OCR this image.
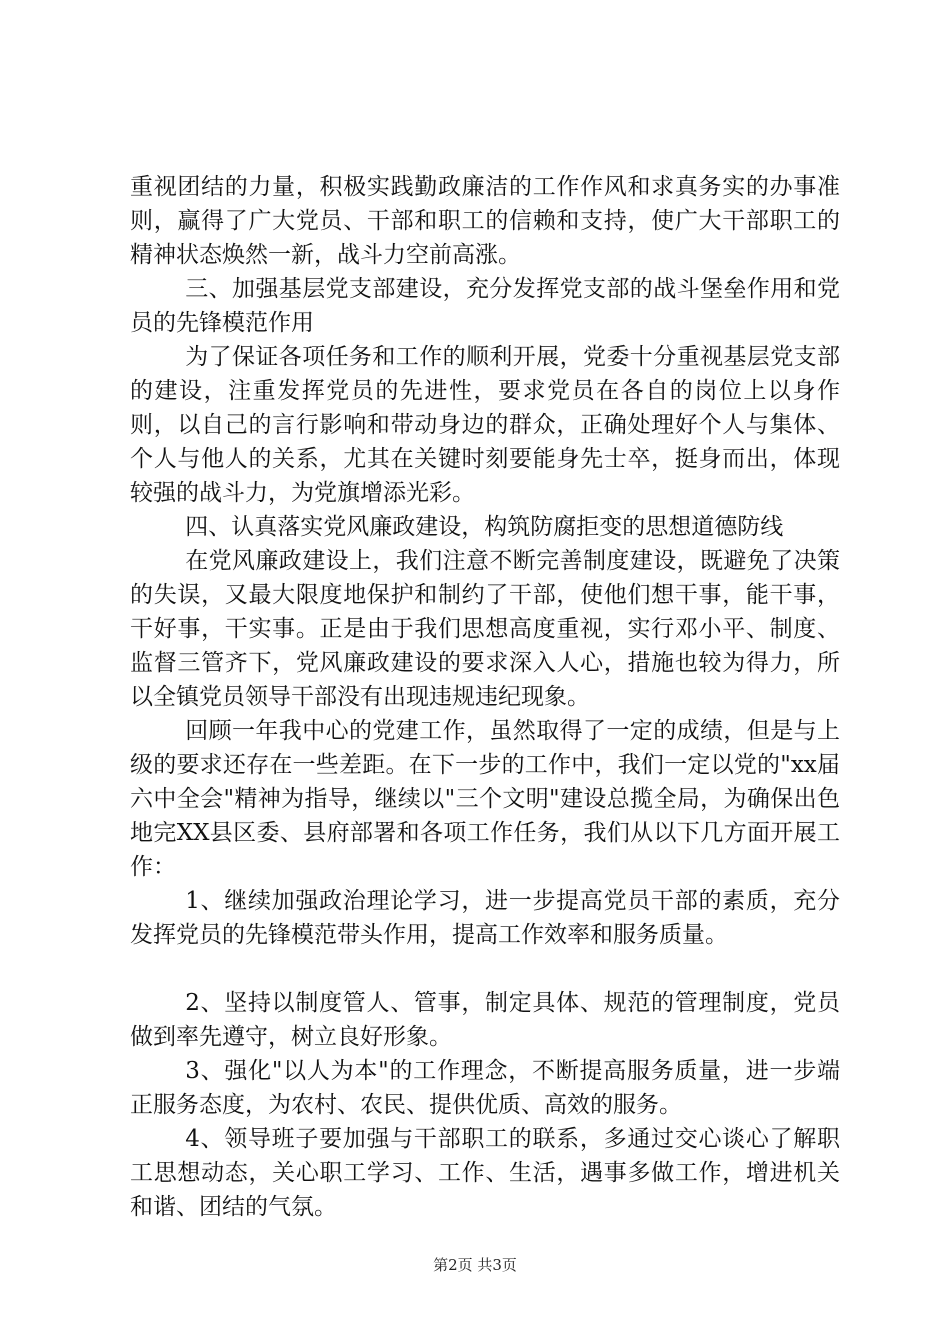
重视团结的力量，积极实践勤政廉洁的工作作风和求真务实的办事准则，赢得了广大党员、干部和职工的信赖和支持，使广大干部职工的精神状态焕然一新，战斗力空前高涨。

三、加强基层党支部建设，充分发挥党支部的战斗堡垒作用和党员的先锋模范作用

为了保证各项任务和工作的顺利开展，党委十分重视基层党支部的建设，注重发挥党员的先进性，要求党员在各自的岗位上以身作则，以自己的言行影响和带动身边的群众，正确处理好个人与集体、个人与他人的关系，尤其在关键时刻要能身先士卒，挺身而出，体现较强的战斗力，为党旗增添光彩。

四、认真落实党风廉政建设，构筑防腐拒变的思想道德防线

在党风廉政建设上，我们注意不断完善制度建设，既避免了决策的失误，又最大限度地保护和制约了干部，使他们想干事，能干事，干好事，干实事。正是由于我们思想高度重视，实行邓小平、制度、监督三管齐下，党风廉政建设的要求深入人心，措施也较为得力，所以全镇党员领导干部没有出现违规违纪现象。

回顾一年我中心的党建工作，虽然取得了一定的成绩，但是与上级的要求还存在一些差距。在下一步的工作中，我们一定以党的"xx届六中全会"精神为指导，继续以"三个文明"建设总揽全局，为确保出色地完XX县区委、县府部署和各项工作任务，我们从以下几方面开展工作：

1、继续加强政治理论学习，进一步提高党员干部的素质，充分发挥党员的先锋模范带头作用，提高工作效率和服务质量。

2、坚持以制度管人、管事，制定具体、规范的管理制度，党员做到率先遵守，树立良好形象。

3、强化"以人为本"的工作理念，不断提高服务质量，进一步端正服务态度，为农村、农民、提供优质、高效的服务。

4、领导班子要加强与干部职工的联系，多通过交心谈心了解职工思想动态，关心职工学习、工作、生活，遇事多做工作，增进机关和谐、团结的气氛。

第2页 共3页
